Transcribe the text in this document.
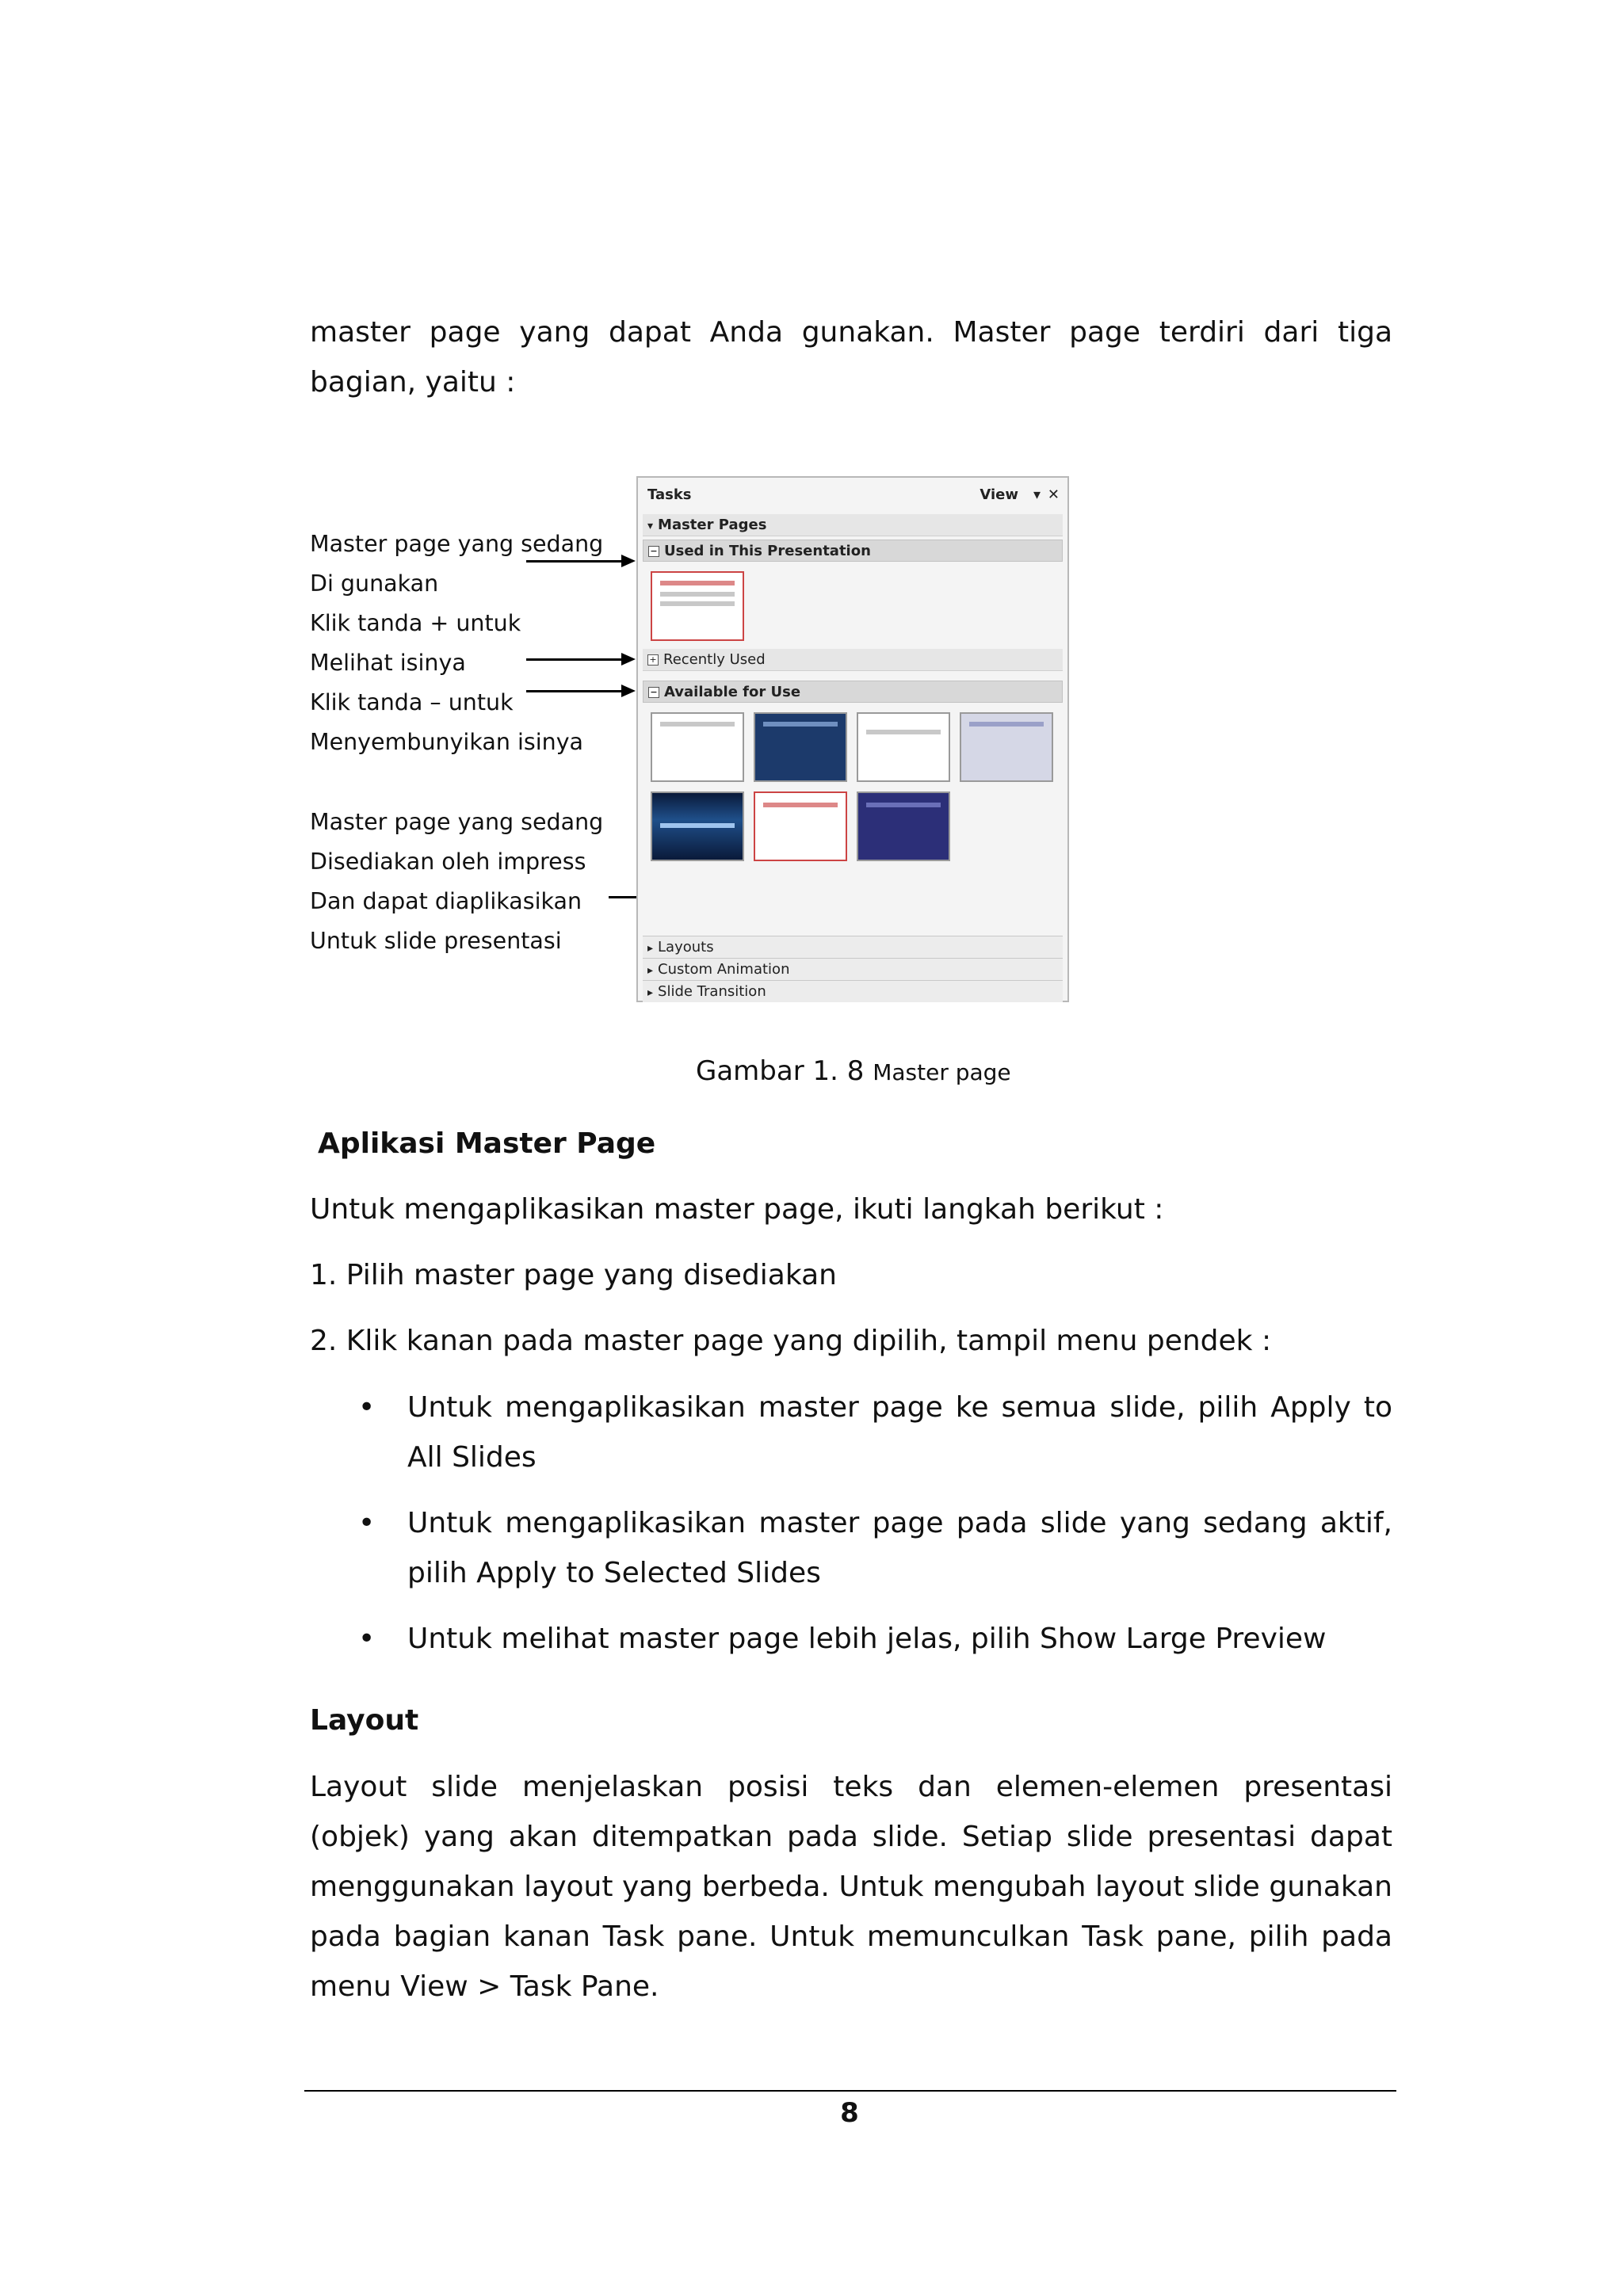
master page yang dapat Anda gunakan. Master page terdiri dari tiga bagian, yaitu :

Master page yang sedang
Di gunakan
Klik tanda + untuk
Melihat isinya
Klik tanda – untuk
Menyembunyikan isinya
Master page yang sedang
Disediakan oleh impress
Dan dapat diaplikasikan
Untuk slide presentasi
Tasks	View ▾ ✕
▾ Master Pages
− Used in This Presentation
+ Recently Used
− Available for Use
▸ Layouts
▸ Custom Animation
▸ Slide Transition
Gambar 1. 8 Master page
Aplikasi Master Page

Untuk mengaplikasikan master page, ikuti langkah berikut :

1. Pilih master page yang disediakan

2. Klik kanan pada master page yang dipilih, tampil menu pendek :

• Untuk mengaplikasikan master page ke semua slide, pilih Apply to All Slides

• Untuk mengaplikasikan master page pada slide yang sedang aktif, pilih Apply to Selected Slides

• Untuk melihat master page lebih jelas, pilih Show Large Preview

Layout

Layout slide menjelaskan posisi teks dan elemen-elemen presentasi (objek) yang akan ditempatkan pada slide. Setiap slide presentasi dapat menggunakan layout yang berbeda. Untuk mengubah layout slide gunakan pada bagian kanan Task pane. Untuk memunculkan Task pane, pilih pada menu View > Task Pane.

8
